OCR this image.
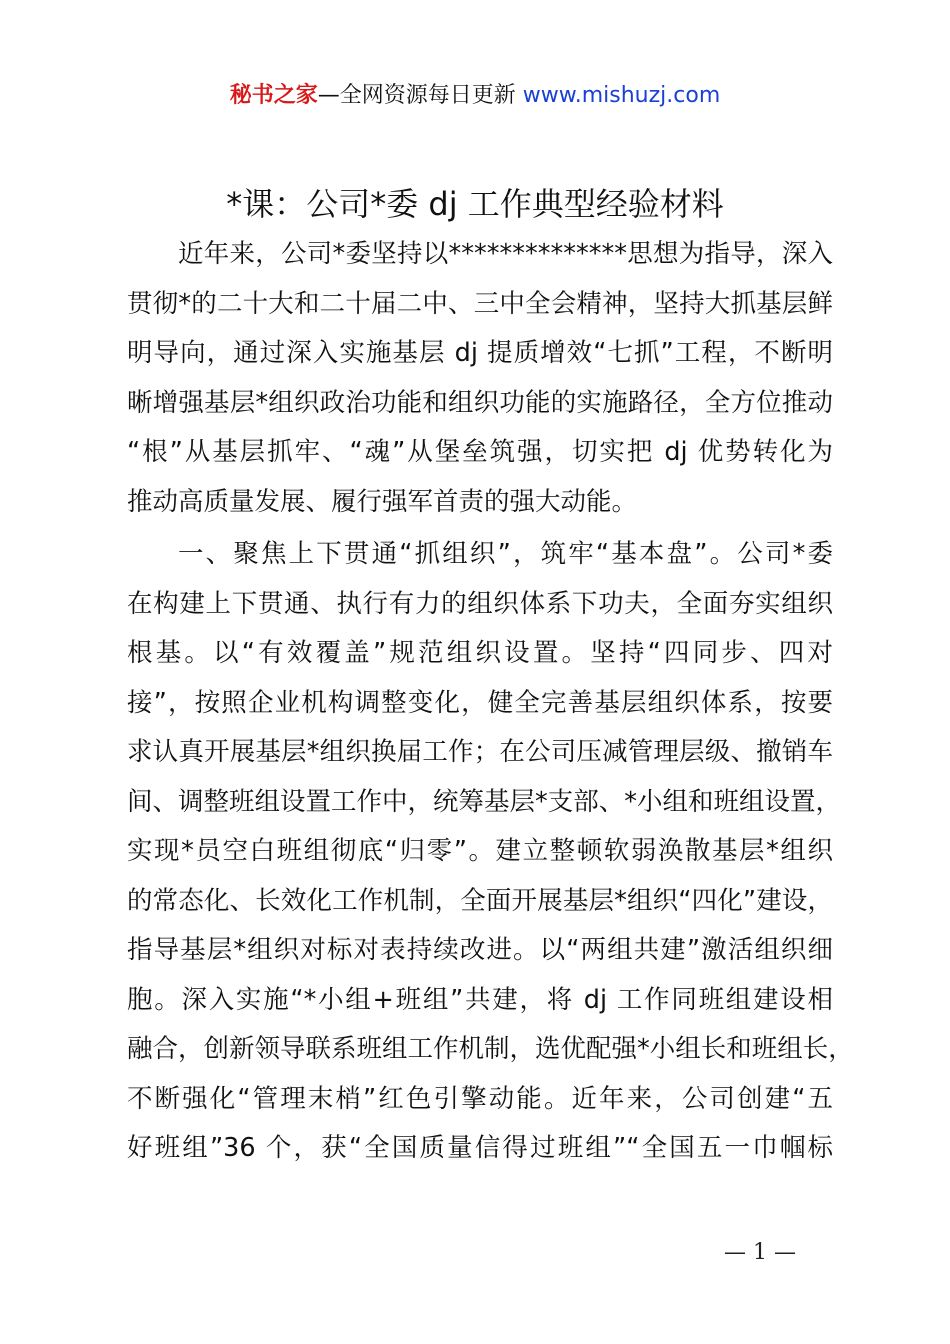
秘书之家—全网资源每日更新 www.mishuzj.com
*课：公司*委 dj 工作典型经验材料
近年来，公司*委坚持以**************思想为指导，深入
贯彻*的二十大和二十届二中、三中全会精神，坚持大抓基层鲜
明导向，通过深入实施基层 dj 提质增效“七抓”工程，不断明
晰增强基层*组织政治功能和组织功能的实施路径，全方位推动
“根”从基层抓牢、“魂”从堡垒筑强，切实把 dj 优势转化为
推动高质量发展、履行强军首责的强大动能。
一、聚焦上下贯通“抓组织”，筑牢“基本盘”。公司*委
在构建上下贯通、执行有力的组织体系下功夫，全面夯实组织
根基。以“有效覆盖”规范组织设置。坚持“四同步、四对
接”，按照企业机构调整变化，健全完善基层组织体系，按要
求认真开展基层*组织换届工作；在公司压减管理层级、撤销车
间、调整班组设置工作中，统筹基层*支部、*小组和班组设置，
实现*员空白班组彻底“归零”。建立整顿软弱涣散基层*组织
的常态化、长效化工作机制，全面开展基层*组织“四化”建设，
指导基层*组织对标对表持续改进。以“两组共建”激活组织细
胞。深入实施“*小组+班组”共建，将 dj 工作同班组建设相
融合，创新领导联系班组工作机制，选优配强*小组长和班组长，
不断强化“管理末梢”红色引擎动能。近年来，公司创建“五
好班组”36 个，获“全国质量信得过班组”“全国五一巾帼标
— 1 —
